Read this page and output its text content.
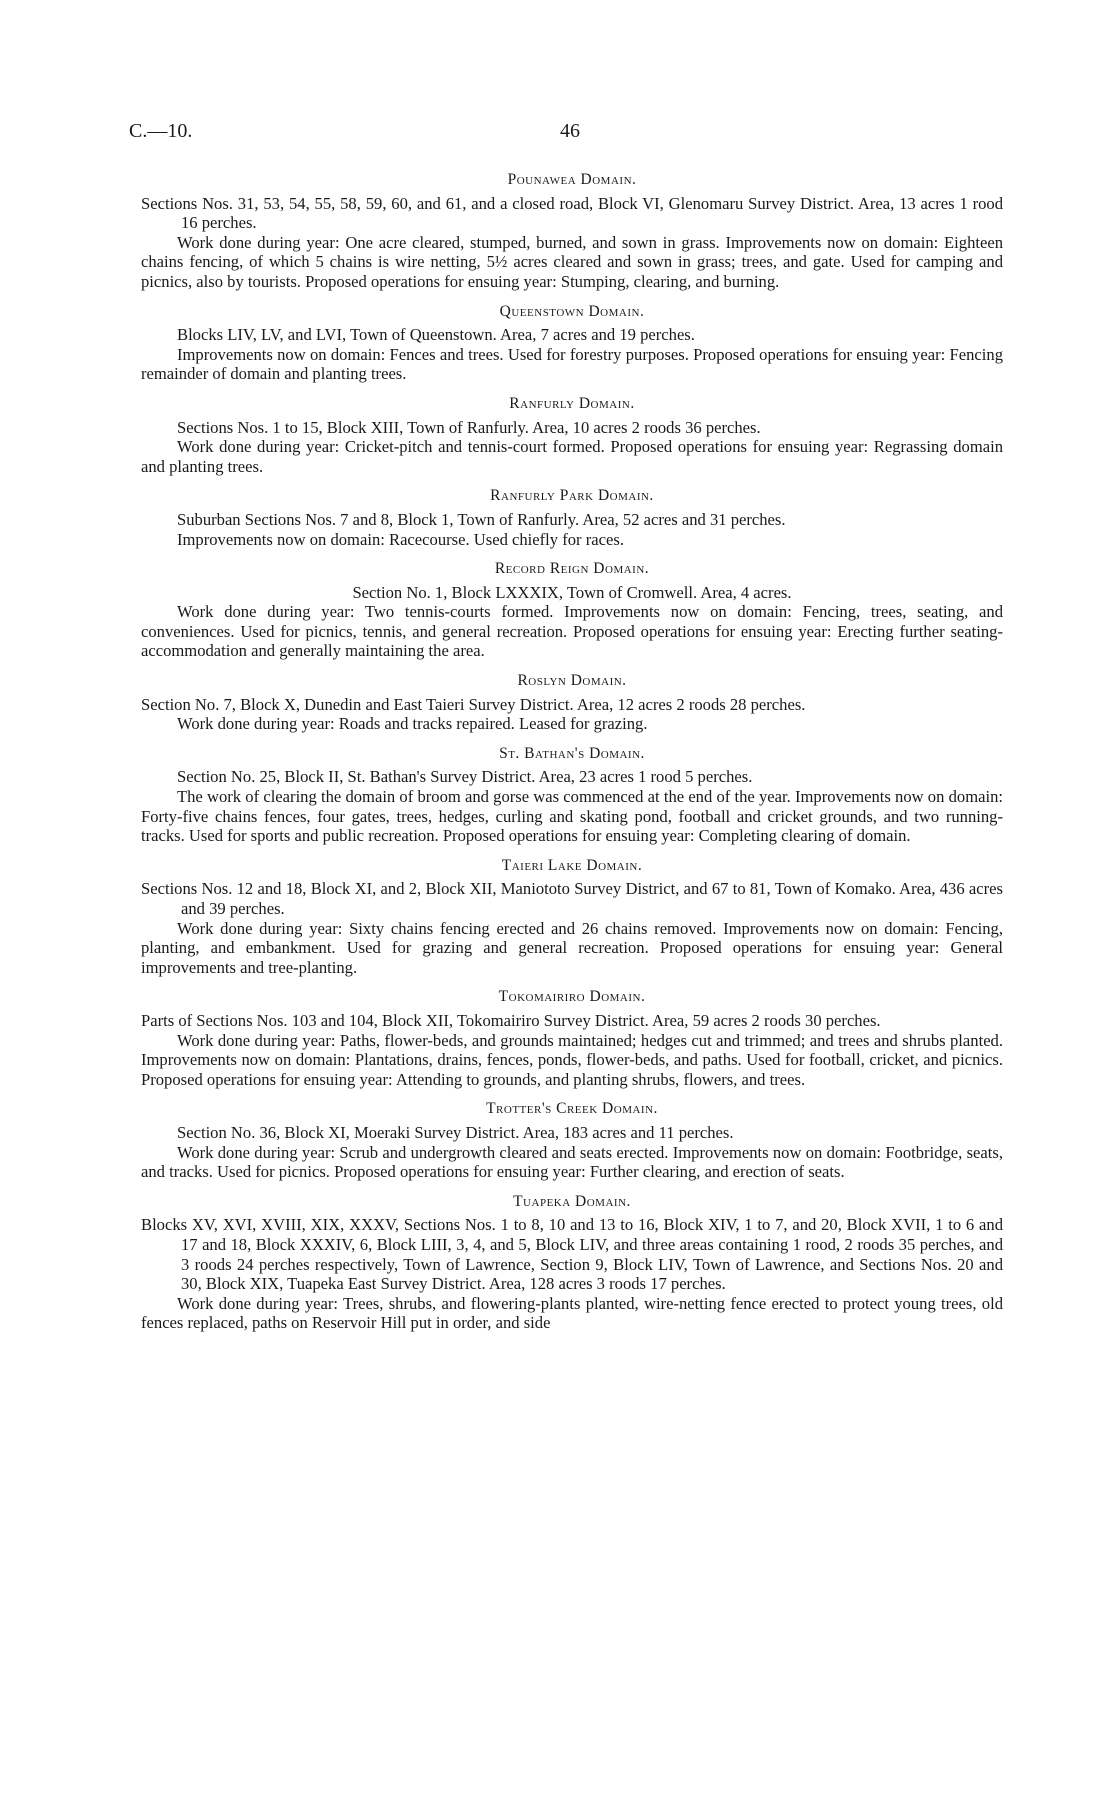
C.—10.	46
Pounawea Domain.

Sections Nos. 31, 53, 54, 55, 58, 59, 60, and 61, and a closed road, Block VI, Glenomaru Survey District. Area, 13 acres 1 rood 16 perches.

Work done during year: One acre cleared, stumped, burned, and sown in grass. Improvements now on domain: Eighteen chains fencing, of which 5 chains is wire netting, 5½ acres cleared and sown in grass; trees, and gate. Used for camping and picnics, also by tourists. Proposed operations for ensuing year: Stumping, clearing, and burning.

Queenstown Domain.

Blocks LIV, LV, and LVI, Town of Queenstown. Area, 7 acres and 19 perches.

Improvements now on domain: Fences and trees. Used for forestry purposes. Proposed operations for ensuing year: Fencing remainder of domain and planting trees.

Ranfurly Domain.

Sections Nos. 1 to 15, Block XIII, Town of Ranfurly. Area, 10 acres 2 roods 36 perches.

Work done during year: Cricket-pitch and tennis-court formed. Proposed operations for ensuing year: Regrassing domain and planting trees.

Ranfurly Park Domain.

Suburban Sections Nos. 7 and 8, Block 1, Town of Ranfurly. Area, 52 acres and 31 perches.

Improvements now on domain: Racecourse. Used chiefly for races.

Record Reign Domain.

Section No. 1, Block LXXXIX, Town of Cromwell. Area, 4 acres.

Work done during year: Two tennis-courts formed. Improvements now on domain: Fencing, trees, seating, and conveniences. Used for picnics, tennis, and general recreation. Proposed operations for ensuing year: Erecting further seating-accommodation and generally maintaining the area.

Roslyn Domain.

Section No. 7, Block X, Dunedin and East Taieri Survey District. Area, 12 acres 2 roods 28 perches.

Work done during year: Roads and tracks repaired. Leased for grazing.

St. Bathan's Domain.

Section No. 25, Block II, St. Bathan's Survey District. Area, 23 acres 1 rood 5 perches.

The work of clearing the domain of broom and gorse was commenced at the end of the year. Improvements now on domain: Forty-five chains fences, four gates, trees, hedges, curling and skating pond, football and cricket grounds, and two running-tracks. Used for sports and public recreation. Proposed operations for ensuing year: Completing clearing of domain.

Taieri Lake Domain.

Sections Nos. 12 and 18, Block XI, and 2, Block XII, Maniototo Survey District, and 67 to 81, Town of Komako. Area, 436 acres and 39 perches.

Work done during year: Sixty chains fencing erected and 26 chains removed. Improvements now on domain: Fencing, planting, and embankment. Used for grazing and general recreation. Proposed operations for ensuing year: General improvements and tree-planting.

Tokomairiro Domain.

Parts of Sections Nos. 103 and 104, Block XII, Tokomairiro Survey District. Area, 59 acres 2 roods 30 perches.

Work done during year: Paths, flower-beds, and grounds maintained; hedges cut and trimmed; and trees and shrubs planted. Improvements now on domain: Plantations, drains, fences, ponds, flower-beds, and paths. Used for football, cricket, and picnics. Proposed operations for ensuing year: Attending to grounds, and planting shrubs, flowers, and trees.

Trotter's Creek Domain.

Section No. 36, Block XI, Moeraki Survey District. Area, 183 acres and 11 perches.

Work done during year: Scrub and undergrowth cleared and seats erected. Improvements now on domain: Footbridge, seats, and tracks. Used for picnics. Proposed operations for ensuing year: Further clearing, and erection of seats.

Tuapeka Domain.

Blocks XV, XVI, XVIII, XIX, XXXV, Sections Nos. 1 to 8, 10 and 13 to 16, Block XIV, 1 to 7, and 20, Block XVII, 1 to 6 and 17 and 18, Block XXXIV, 6, Block LIII, 3, 4, and 5, Block LIV, and three areas containing 1 rood, 2 roods 35 perches, and 3 roods 24 perches respectively, Town of Lawrence, Section 9, Block LIV, Town of Lawrence, and Sections Nos. 20 and 30, Block XIX, Tuapeka East Survey District. Area, 128 acres 3 roods 17 perches.

Work done during year: Trees, shrubs, and flowering-plants planted, wire-netting fence erected to protect young trees, old fences replaced, paths on Reservoir Hill put in order, and side
